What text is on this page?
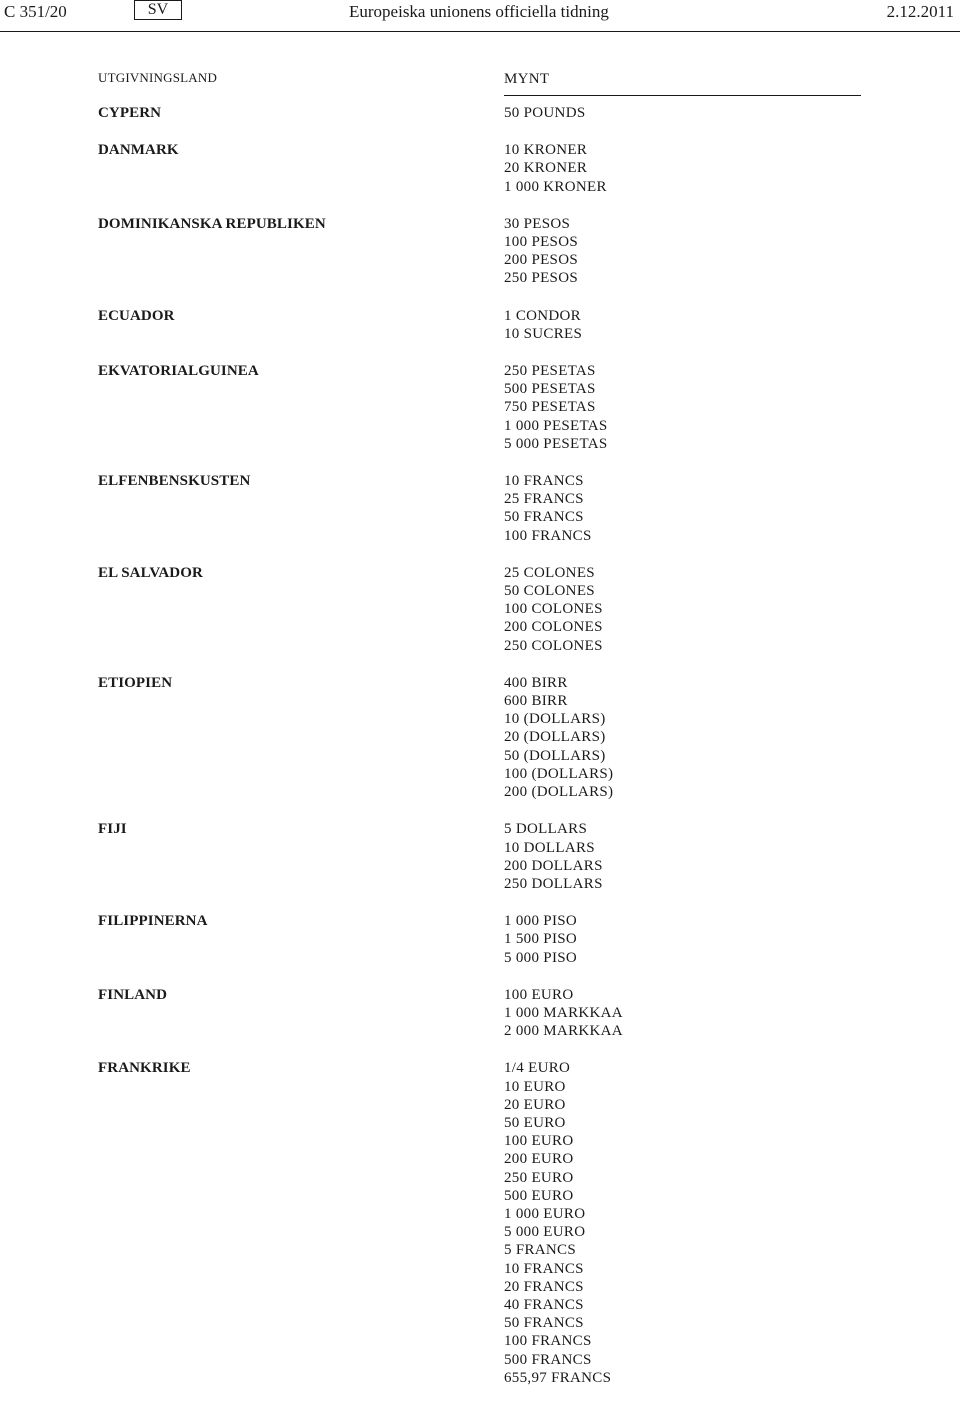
C 351/20	SV	Europeiska unionens officiella tidning	2.12.2011
UTGIVNINGSLAND	MYNT
CYPERN	50 POUNDS
DANMARK	10 KRONER
20 KRONER
1 000 KRONER
DOMINIKANSKA REPUBLIKEN	30 PESOS
100 PESOS
200 PESOS
250 PESOS
ECUADOR	1 CONDOR
10 SUCRES
EKVATORIALGUINEA	250 PESETAS
500 PESETAS
750 PESETAS
1 000 PESETAS
5 000 PESETAS
ELFENBENSKUSTEN	10 FRANCS
25 FRANCS
50 FRANCS
100 FRANCS
EL SALVADOR	25 COLONES
50 COLONES
100 COLONES
200 COLONES
250 COLONES
ETIOPIEN	400 BIRR
600 BIRR
10 (DOLLARS)
20 (DOLLARS)
50 (DOLLARS)
100 (DOLLARS)
200 (DOLLARS)
FIJI	5 DOLLARS
10 DOLLARS
200 DOLLARS
250 DOLLARS
FILIPPINERNA	1 000 PISO
1 500 PISO
5 000 PISO
FINLAND	100 EURO
1 000 MARKKAA
2 000 MARKKAA
FRANKRIKE	1/4 EURO
10 EURO
20 EURO
50 EURO
100 EURO
200 EURO
250 EURO
500 EURO
1 000 EURO
5 000 EURO
5 FRANCS
10 FRANCS
20 FRANCS
40 FRANCS
50 FRANCS
100 FRANCS
500 FRANCS
655,97 FRANCS
